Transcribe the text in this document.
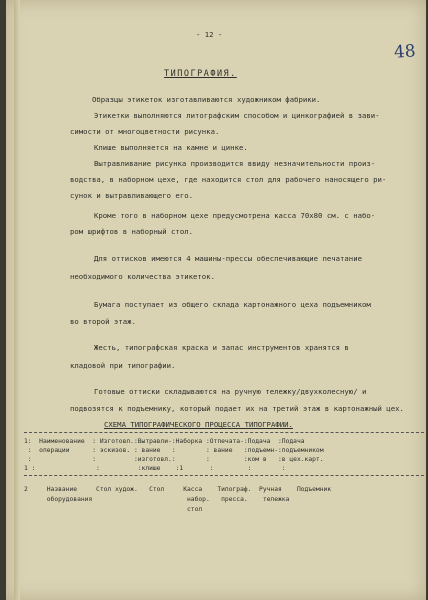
48
- 12 -
ТИПОГРАФИЯ.
Образцы этикеток изготавливаются художником фабрики.
Этикетки выполняются литографским способом и цинкографией в зави-
симости от многоцветности рисунка.
Клише выполняется на камне и цинке.
Вытравливание рисунка производится ввиду незначительности произ-
водства, в наборном цехе, где находится стол для рабочего наносящего ри-
сунок и вытравливающего его.
Кроме того в наборном цехе предусмотрена касса 70х80 см. с набо-
ром шрифтов в наборный стол.
Для оттисков имеются 4 машины-прессы обеспечивающие печатание
необходимого количества этикеток.
Бумага поступает из общего склада картонажного цеха подъемником
во второй этаж.
Жесть, типографская краска и запас инструментов хранятся в
кладовой при типографии.
Готовые оттиски складываются на ручную тележку/двухколесную/ и
подвозятся к подъемнику, который подает их на третий этаж в картонажный цех.
СХЕМА ТИПОГРАФИЧЕСКОГО ПРОЦЕССА ТИПОГРАФИИ.
1:  Наименование  : Изготовл.:Вытравли-:Наборка :Отпечата-:Подача  :Подача
:  операции      : эскизов. : вание   :        : вание   :подъемн-:подъемником
:                :          :изготовл.:        :         :ком в   :в цех.карт.
1 :                :          :клише    :1       :         :        :
2     Название     Стол худож.   Стол     Касса    Типограф.  Ручная    Подъемник
оборудования                         набор.   пресса.    тележка
стол
